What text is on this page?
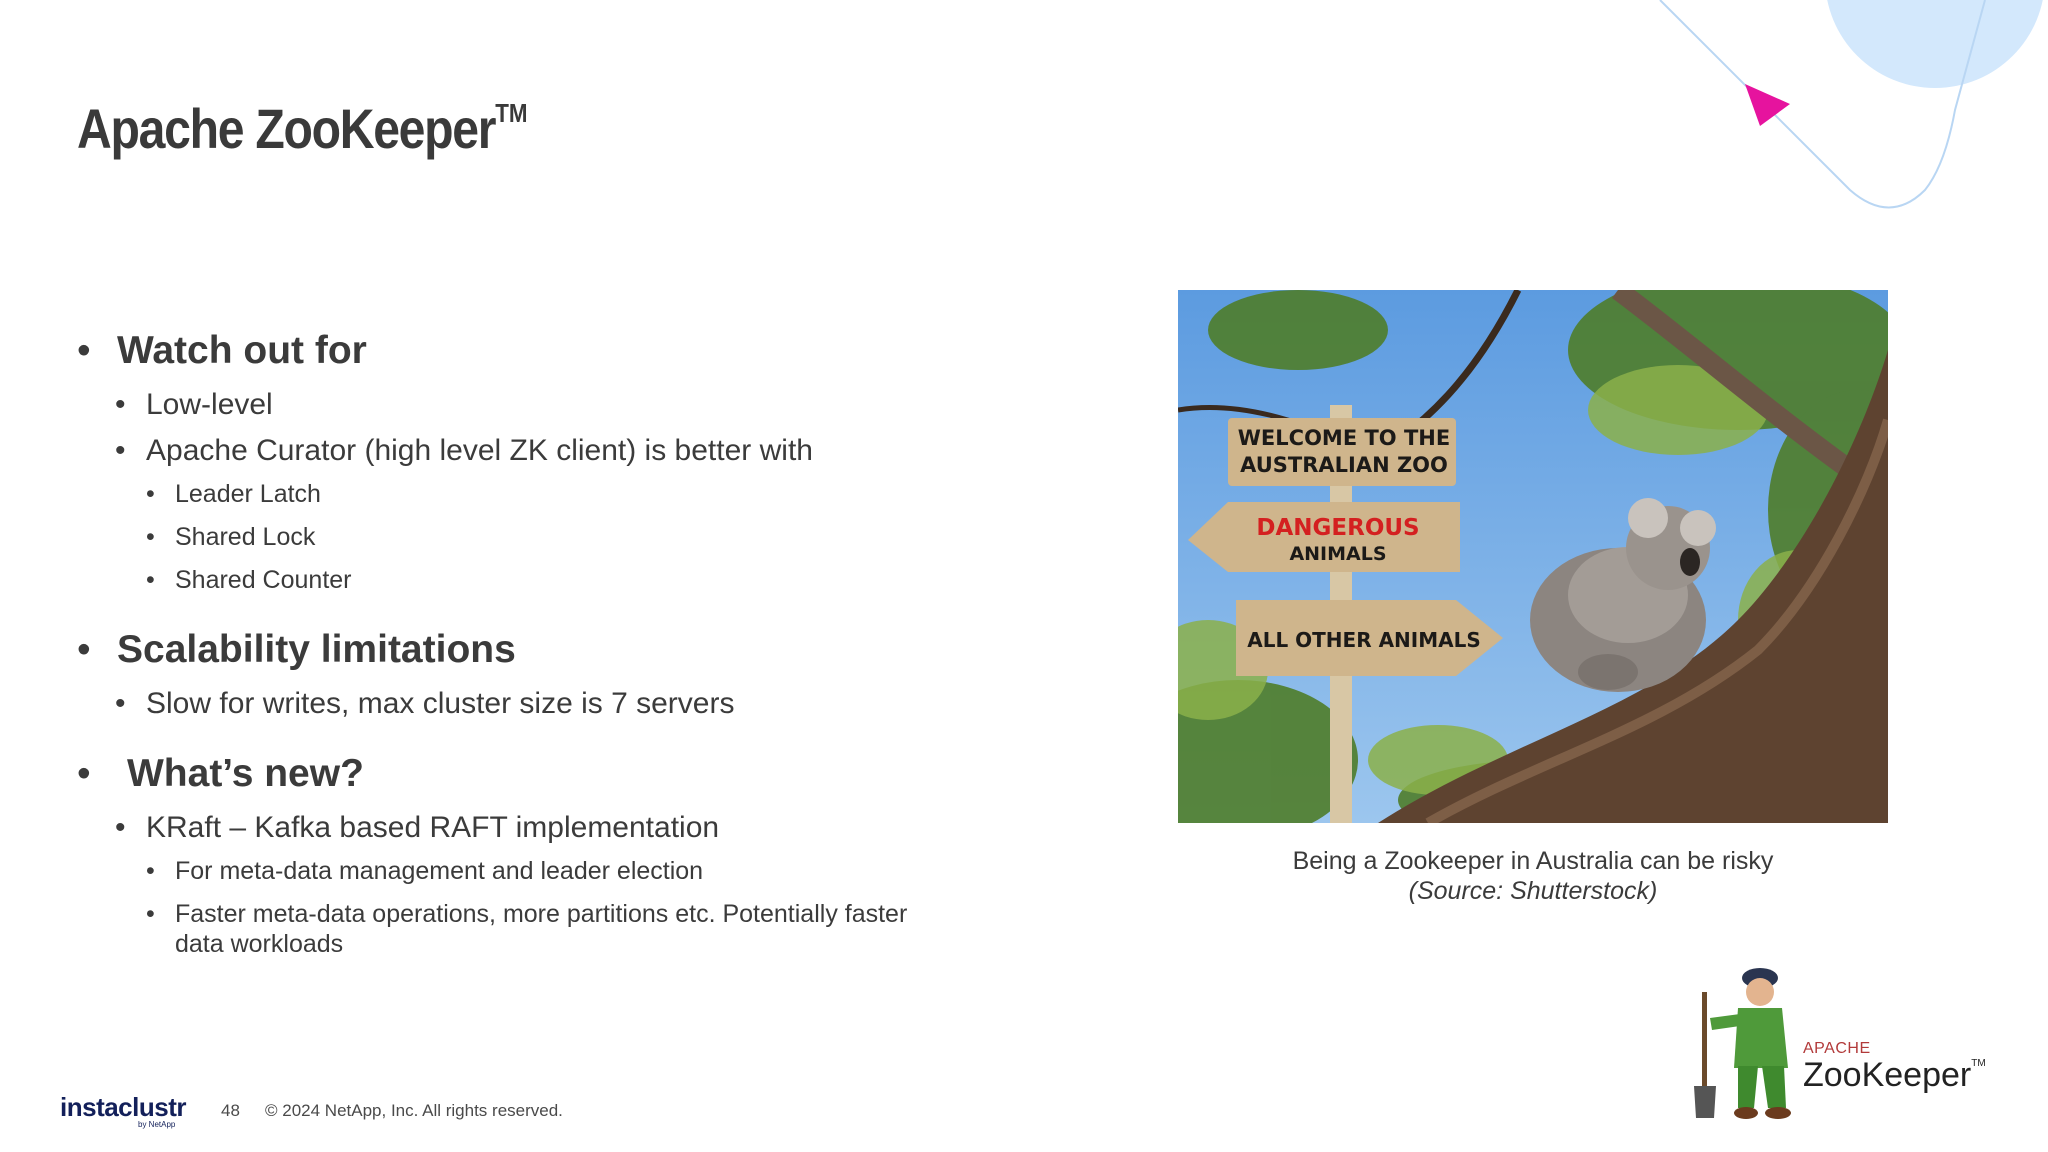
Apache ZooKeeper™
• Watch out for
• Low-level
• Apache Curator (high level ZK client) is better with
• Leader Latch
• Shared Lock
• Shared Counter
• Scalability limitations
• Slow for writes, max cluster size is 7 servers
• What’s new?
• KRaft – Kafka based RAFT implementation
• For meta-data management and leader election
• Faster meta-data operations, more partitions etc. Potentially faster
data workloads
WELCOME TO THE
AUSTRALIAN ZOO
DANGEROUS
ANIMALS
ALL OTHER ANIMALS
Being a Zookeeper in Australia can be risky
(Source: Shutterstock)
instaclustr
by NetApp
48 © 2024 NetApp, Inc. All rights reserved.
APACHE
ZooKeeper™
